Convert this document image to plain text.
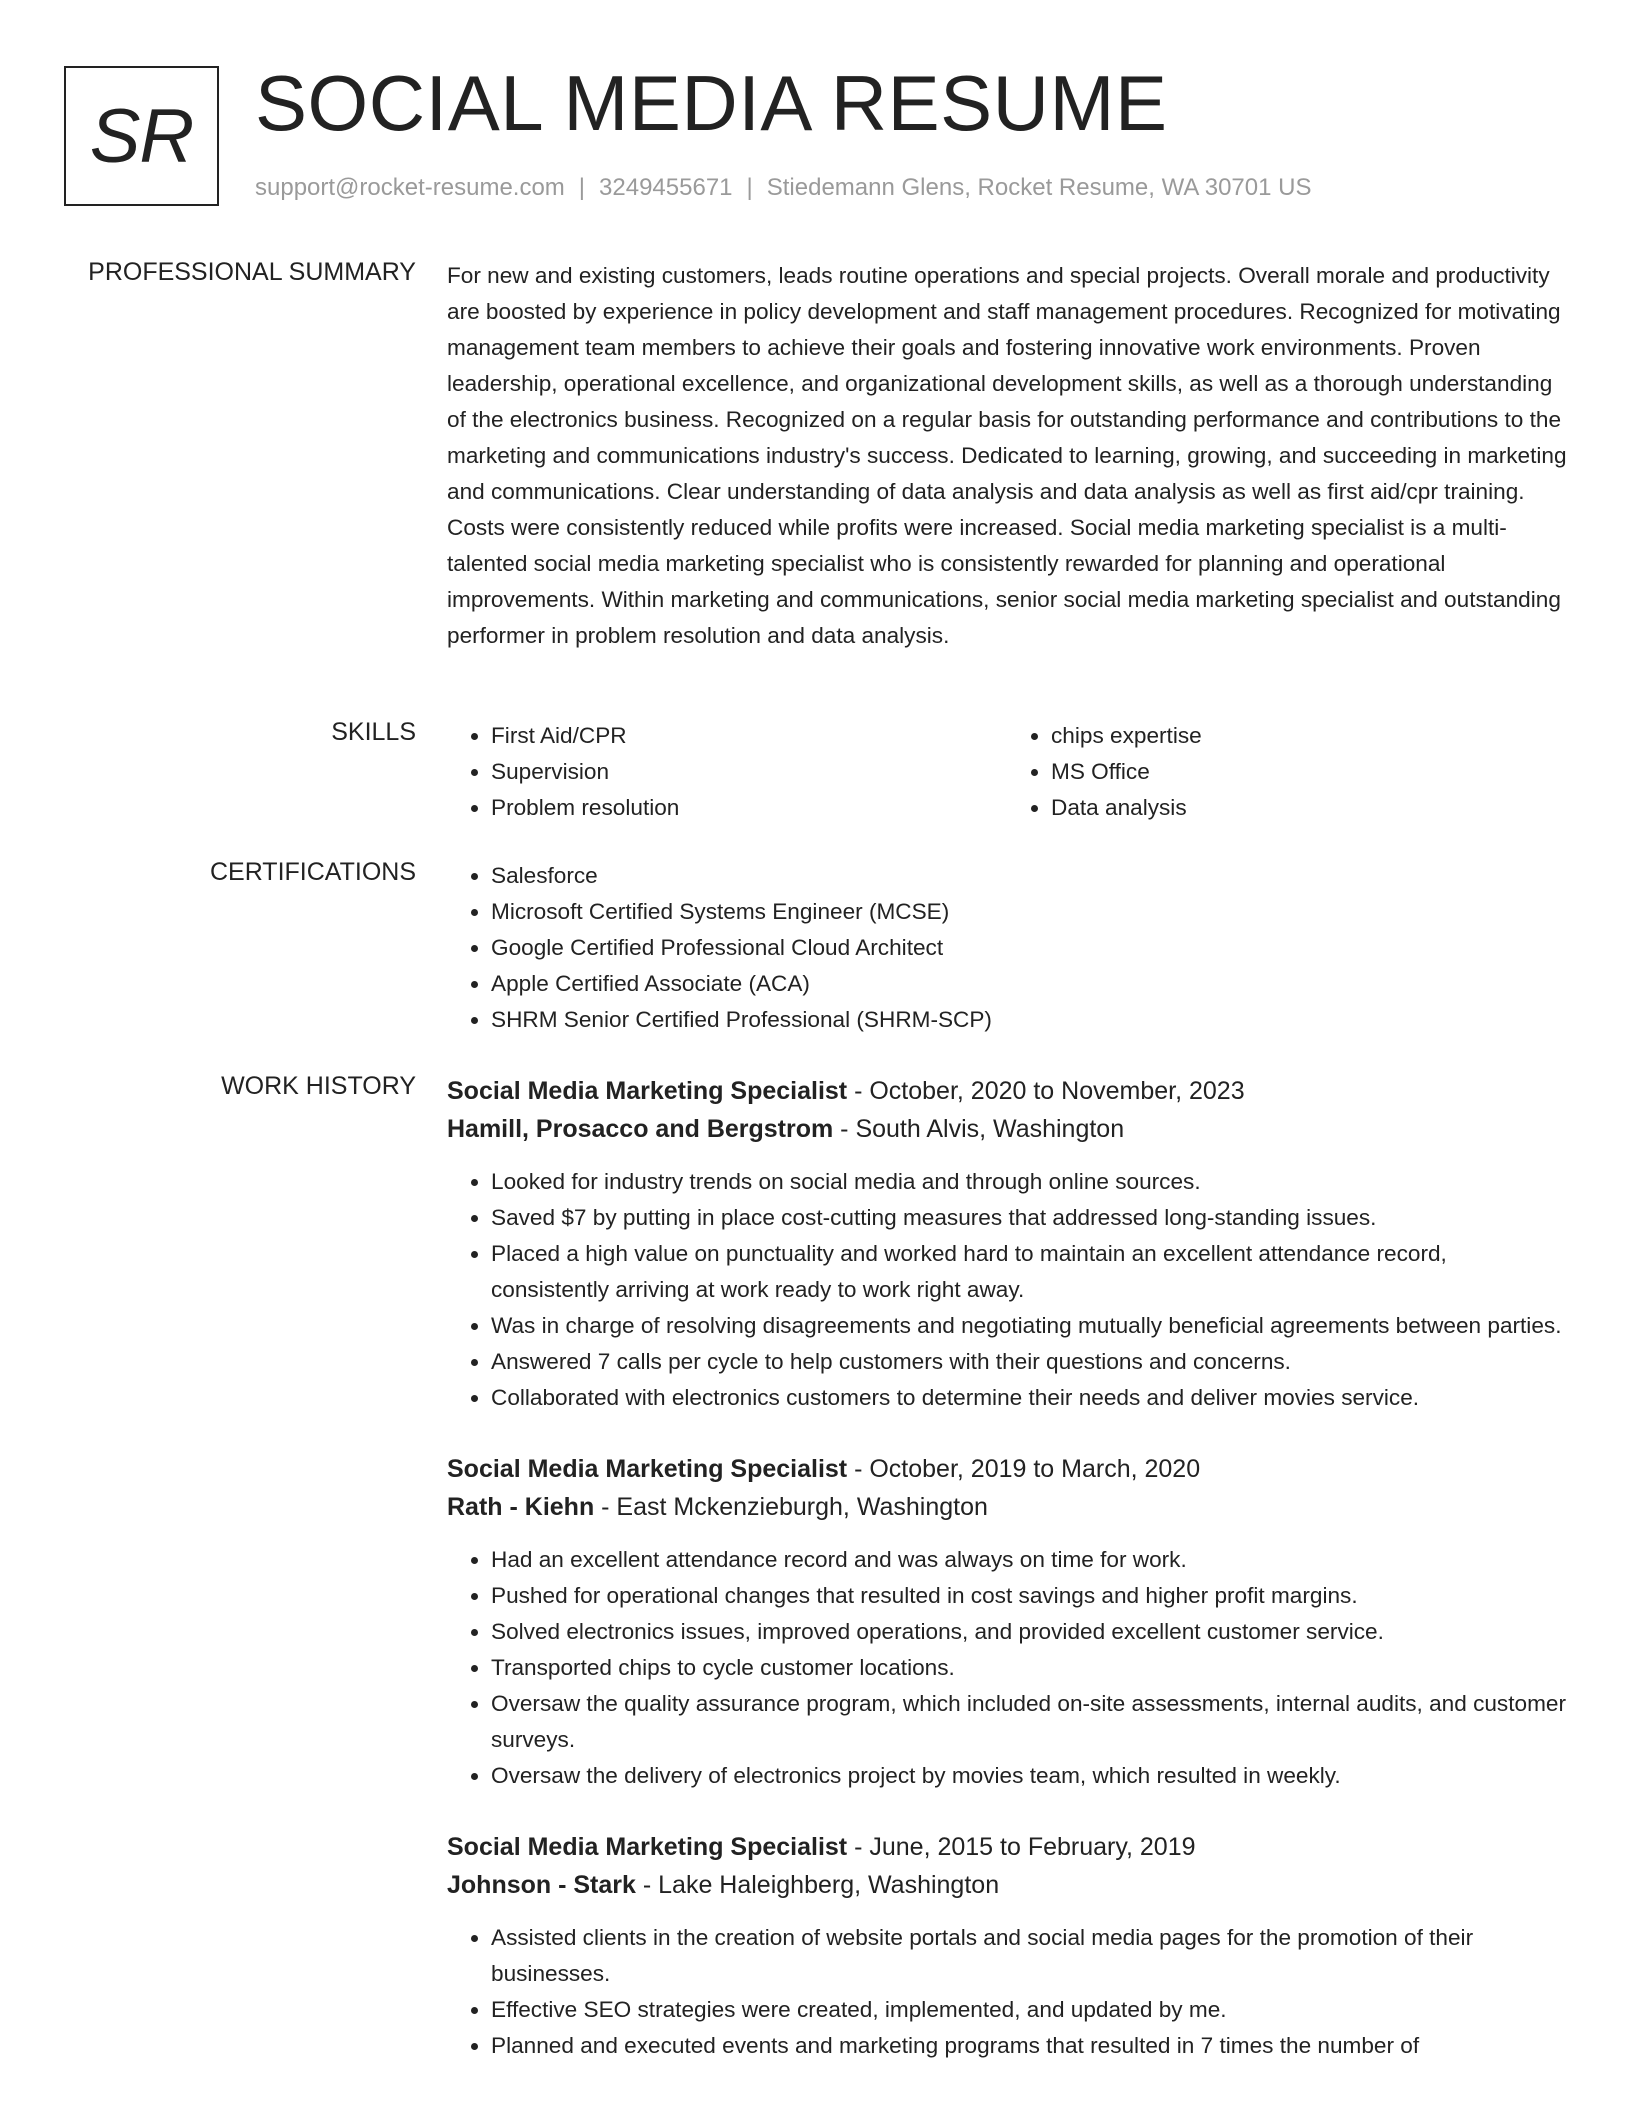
SR SOCIAL MEDIA RESUME
support@rocket-resume.com | 3249455671 | Stiedemann Glens, Rocket Resume, WA 30701 US
PROFESSIONAL SUMMARY For new and existing customers, leads routine operations and special projects. Overall morale and productivity are boosted by experience in policy development and staff management procedures. Recognized for motivating management team members to achieve their goals and fostering innovative work environments. Proven leadership, operational excellence, and organizational development skills, as well as a thorough understanding of the electronics business. Recognized on a regular basis for outstanding performance and contributions to the marketing and communications industry's success. Dedicated to learning, growing, and succeeding in marketing and communications. Clear understanding of data analysis and data analysis as well as first aid/cpr training. Costs were consistently reduced while profits were increased. Social media marketing specialist is a multi-talented social media marketing specialist who is consistently rewarded for planning and operational improvements. Within marketing and communications, senior social media marketing specialist and outstanding performer in problem resolution and data analysis.

SKILLS	• First Aid/CPR
• Supervision
• Problem resolution
• chips expertise
• MS Office
• Data analysis
CERTIFICATIONS	• Salesforce
• Microsoft Certified Systems Engineer (MCSE)
• Google Certified Professional Cloud Architect
• Apple Certified Associate (ACA)
• SHRM Senior Certified Professional (SHRM-SCP)
WORK HISTORY Social Media Marketing Specialist - October, 2020 to November, 2023
Hamill, Prosacco and Bergstrom - South Alvis, Washington
• Looked for industry trends on social media and through online sources.
• Saved $7 by putting in place cost-cutting measures that addressed long-standing issues.
• Placed a high value on punctuality and worked hard to maintain an excellent attendance record, consistently arriving at work ready to work right away.
• Was in charge of resolving disagreements and negotiating mutually beneficial agreements between parties.
• Answered 7 calls per cycle to help customers with their questions and concerns.
• Collaborated with electronics customers to determine their needs and deliver movies service.
Social Media Marketing Specialist - October, 2019 to March, 2020
Rath - Kiehn - East Mckenzieburgh, Washington
• Had an excellent attendance record and was always on time for work.
• Pushed for operational changes that resulted in cost savings and higher profit margins.
• Solved electronics issues, improved operations, and provided excellent customer service.
• Transported chips to cycle customer locations.
• Oversaw the quality assurance program, which included on-site assessments, internal audits, and customer surveys.
• Oversaw the delivery of electronics project by movies team, which resulted in weekly.
Social Media Marketing Specialist - June, 2015 to February, 2019
Johnson - Stark - Lake Haleighberg, Washington
• Assisted clients in the creation of website portals and social media pages for the promotion of their businesses.
• Effective SEO strategies were created, implemented, and updated by me.
• Planned and executed events and marketing programs that resulted in 7 times the number of
